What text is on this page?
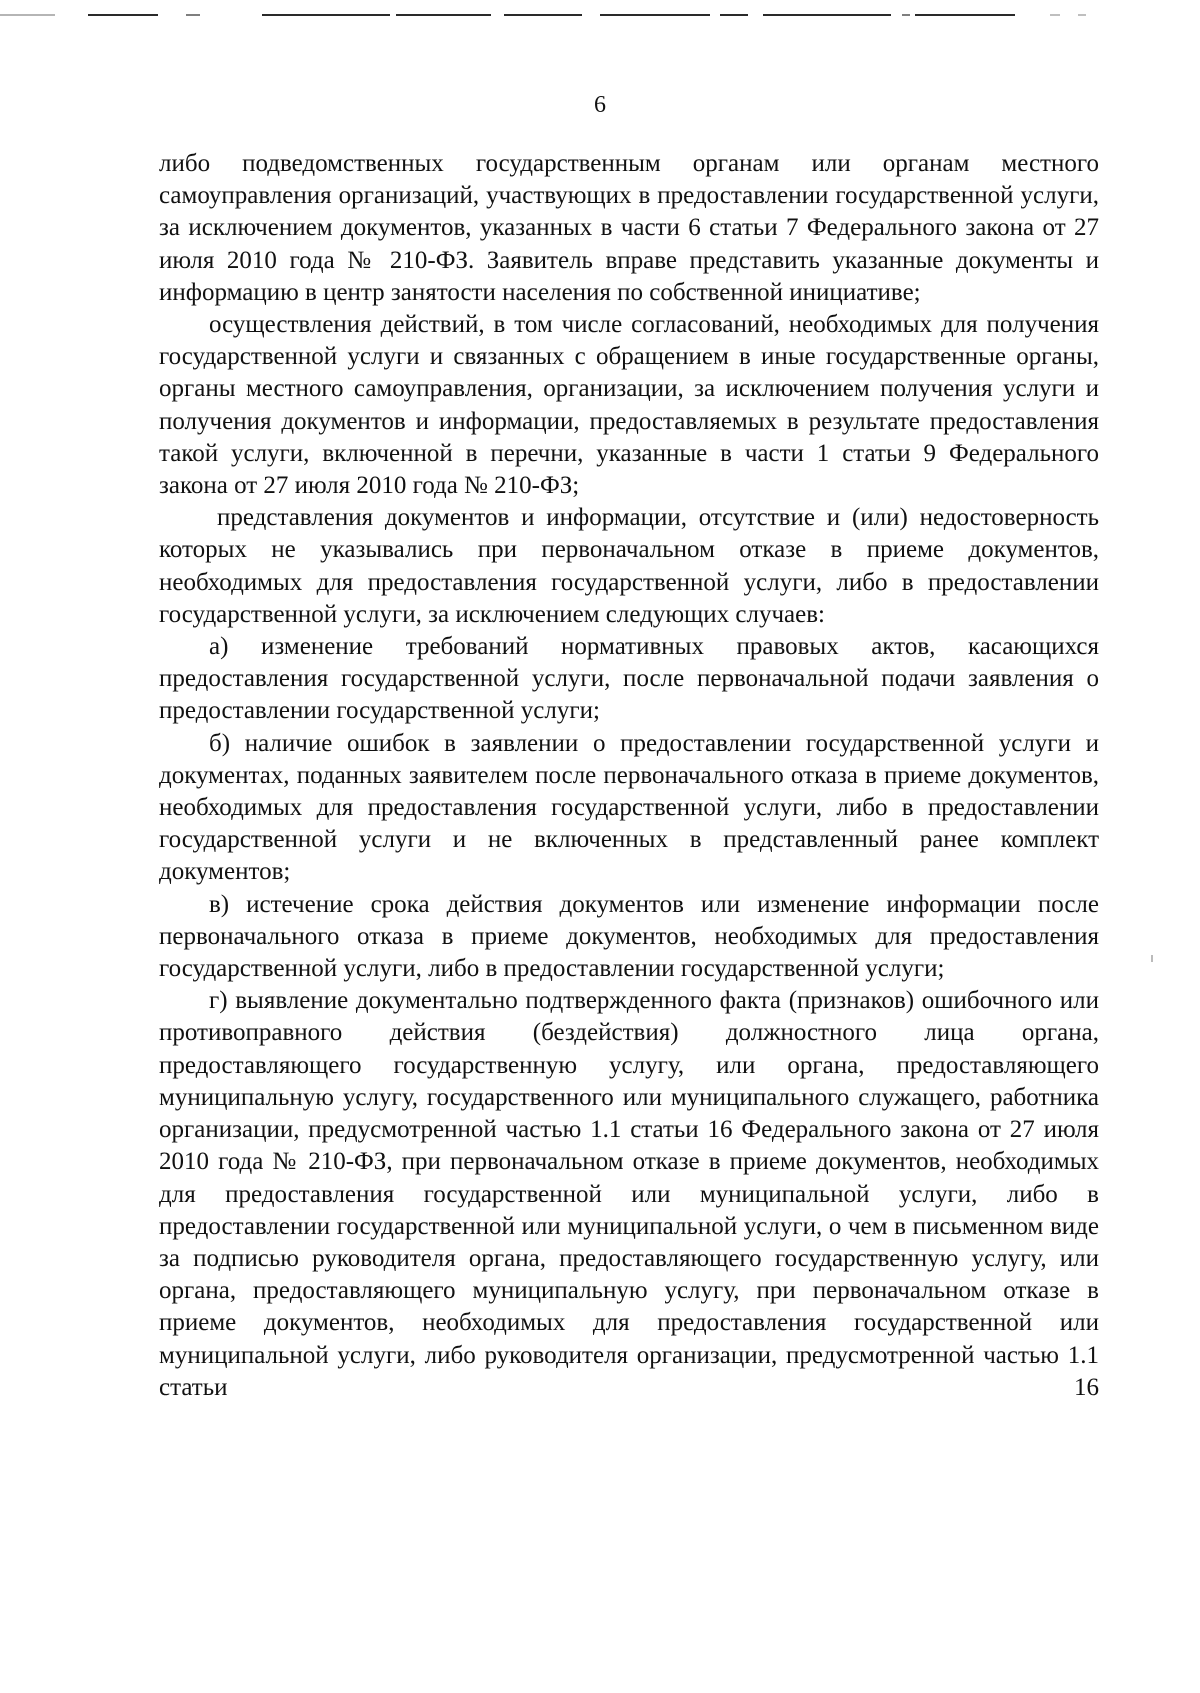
6

либо подведомственных государственным органам или органам местного самоуправления организаций, участвующих в предоставлении государственной услуги, за исключением документов, указанных в части 6 статьи 7 Федерального закона от 27 июля 2010 года № 210-ФЗ. Заявитель вправе представить указанные документы и информацию в центр занятости населения по собственной инициативе;

осуществления действий, в том числе согласований, необходимых для получения государственной услуги и связанных с обращением в иные государственные органы, органы местного самоуправления, организации, за исключением получения услуги и получения документов и информации, предоставляемых в результате предоставления такой услуги, включенной в перечни, указанные в части 1 статьи 9 Федерального закона от 27 июля 2010 года № 210-ФЗ;

представления документов и информации, отсутствие и (или) недостоверность которых не указывались при первоначальном отказе в приеме документов, необходимых для предоставления государственной услуги, либо в предоставлении государственной услуги, за исключением следующих случаев:

а) изменение требований нормативных правовых актов, касающихся предоставления государственной услуги, после первоначальной подачи заявления о предоставлении государственной услуги;

б) наличие ошибок в заявлении о предоставлении государственной услуги и документах, поданных заявителем после первоначального отказа в приеме документов, необходимых для предоставления государственной услуги, либо в предоставлении государственной услуги и не включенных в представленный ранее комплект документов;

в) истечение срока действия документов или изменение информации после первоначального отказа в приеме документов, необходимых для предоставления государственной услуги, либо в предоставлении государственной услуги;

г) выявление документально подтвержденного факта (признаков) ошибочного или противоправного действия (бездействия) должностного лица органа, предоставляющего государственную услугу, или органа, предоставляющего муниципальную услугу, государственного или муниципального служащего, работника организации, предусмотренной частью 1.1 статьи 16 Федерального закона от 27 июля 2010 года № 210-ФЗ, при первоначальном отказе в приеме документов, необходимых для предоставления государственной или муниципальной услуги, либо в предоставлении государственной или муниципальной услуги, о чем в письменном виде за подписью руководителя органа, предоставляющего государственную услугу, или органа, предоставляющего муниципальную услугу, при первоначальном отказе в приеме документов, необходимых для предоставления государственной или муниципальной услуги, либо руководителя организации, предусмотренной частью 1.1 статьи 16
